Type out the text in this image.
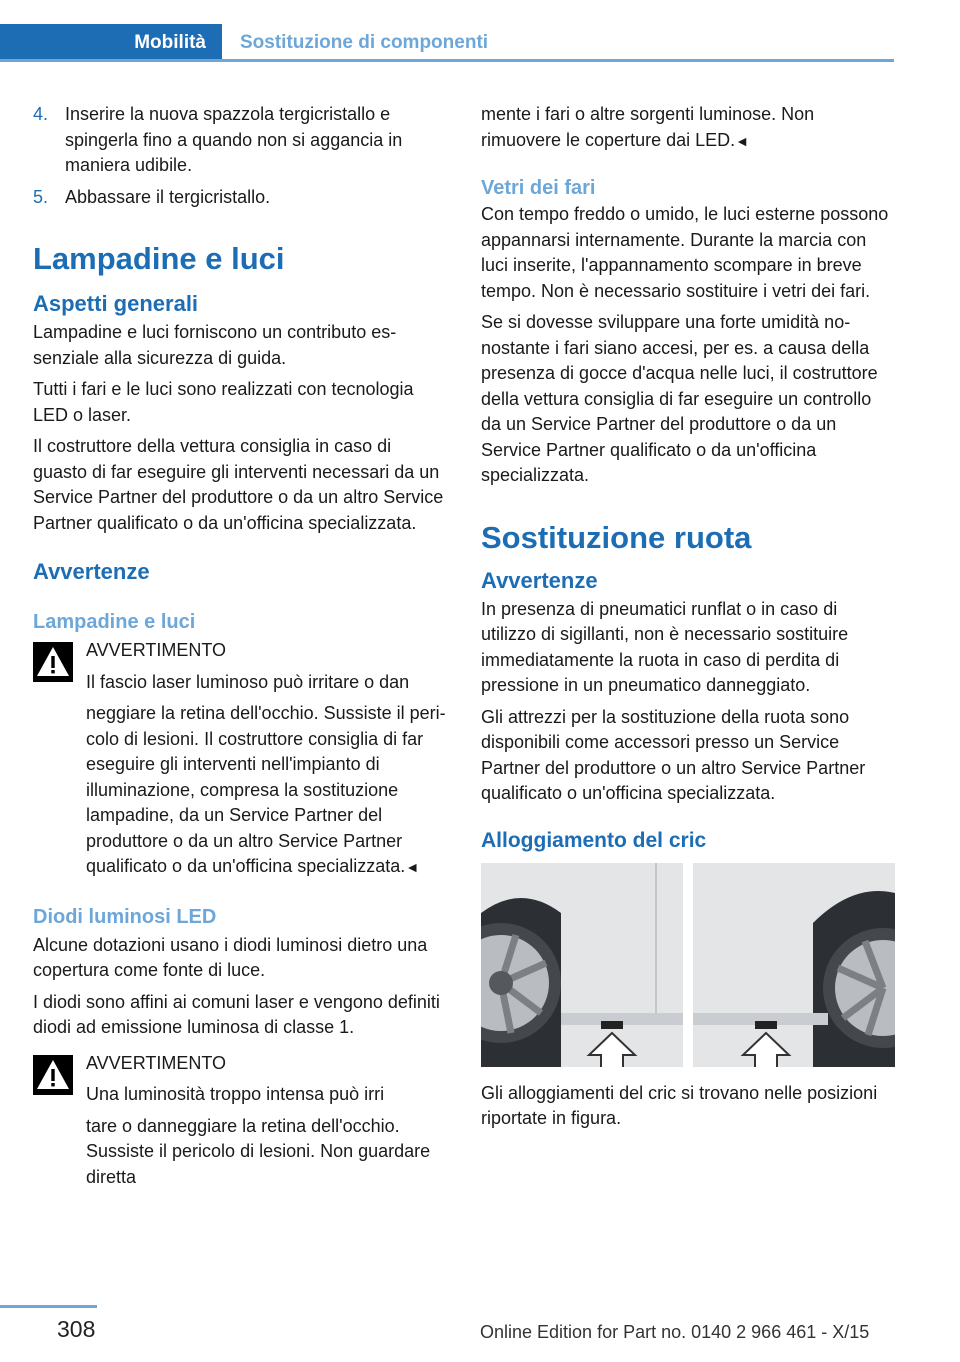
Mobilità	Sostituzione di componenti
4. Inserire la nuova spazzola tergicristallo e spingerla fino a quando non si aggancia in maniera udibile.
5. Abbassare il tergicristallo.
Lampadine e luci
Aspetti generali

Lampadine e luci forniscono un contributo essenziale alla sicurezza di guida.

Tutti i fari e le luci sono realizzati con tecnologia LED o laser.

Il costruttore della vettura consiglia in caso di guasto di far eseguire gli interventi necessari da un Service Partner del produttore o da un altro Service Partner qualificato o da un'officina specializzata.

Avvertenze
Lampadine e luci

AVVERTIMENTO

Il fascio laser luminoso può irritare o dan

neggiare la retina dell'occhio. Sussiste il pericolo di lesioni. Il costruttore consiglia di far eseguire gli interventi nell'impianto di illuminazione, compresa la sostituzione lampadine, da un Service Partner del produttore o da un altro Service Partner qualificato o da un'officina specializzata.◄

Diodi luminosi LED

Alcune dotazioni usano i diodi luminosi dietro una copertura come fonte di luce.

I diodi sono affini ai comuni laser e vengono definiti diodi ad emissione luminosa di classe 1.

AVVERTIMENTO

Una luminosità troppo intensa può irri

tare o danneggiare la retina dell'occhio. Sussiste il pericolo di lesioni. Non guardare diretta

mente i fari o altre sorgenti luminose. Non rimuovere le coperture dai LED.◄

Vetri dei fari

Con tempo freddo o umido, le luci esterne possono appannarsi internamente. Durante la marcia con luci inserite, l'appannamento scompare in breve tempo. Non è necessario sostituire i vetri dei fari.

Se si dovesse sviluppare una forte umidità nonostante i fari siano accesi, per es. a causa della presenza di gocce d'acqua nelle luci, il costruttore della vettura consiglia di far eseguire un controllo da un Service Partner del produttore o da un Service Partner qualificato o da un'officina specializzata.

Sostituzione ruota
Avvertenze

In presenza di pneumatici runflat o in caso di utilizzo di sigillanti, non è necessario sostituire immediatamente la ruota in caso di perdita di pressione in un pneumatico danneggiato.

Gli attrezzi per la sostituzione della ruota sono disponibili come accessori presso un Service Partner del produttore o un altro Service Partner qualificato o un'officina specializzata.

Alloggiamento del cric

Gli alloggiamenti del cric si trovano nelle posizioni riportate in figura.

308	Online Edition for Part no. 0140 2 966 461 - X/15
